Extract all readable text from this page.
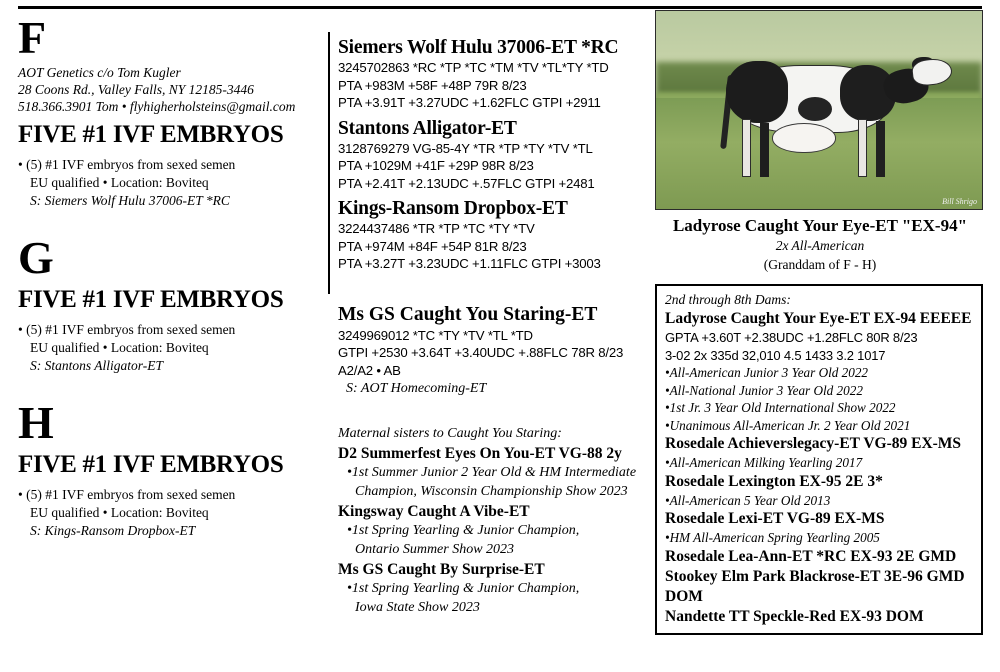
F
AOT Genetics c/o Tom Kugler
28 Coons Rd., Valley Falls, NY 12185-3446
518.366.3901 Tom • flyhigherholsteins@gmail.com
FIVE #1 IVF EMBRYOS
• (5) #1 IVF embryos from sexed semen
EU qualified • Location: Boviteq
S: Siemers Wolf Hulu 37006-ET *RC
G
FIVE #1 IVF EMBRYOS
• (5) #1 IVF embryos from sexed semen
EU qualified • Location: Boviteq
S: Stantons Alligator-ET
H
FIVE #1 IVF EMBRYOS
• (5) #1 IVF embryos from sexed semen
EU qualified • Location: Boviteq
S: Kings-Ransom Dropbox-ET
Siemers Wolf Hulu 37006-ET *RC
3245702863 *RC *TP *TC *TM *TV *TL*TY *TD
PTA +983M +58F +48P 79R 8/23
PTA +3.91T +3.27UDC +1.62FLC GTPI +2911
Stantons Alligator-ET
3128769279 VG-85-4Y *TR *TP *TY *TV *TL
PTA +1029M +41F +29P 98R 8/23
PTA +2.41T +2.13UDC +.57FLC GTPI +2481
Kings-Ransom Dropbox-ET
3224437486 *TR *TP *TC *TY *TV
PTA +974M +84F +54P 81R 8/23
PTA +3.27T +3.23UDC +1.11FLC GTPI +3003
Ms GS Caught You Staring-ET
3249969012 *TC *TY *TV *TL *TD
GTPI +2530 +3.64T +3.40UDC +.88FLC 78R 8/23
A2/A2 • AB
S: AOT Homecoming-ET
Maternal sisters to Caught You Staring:
D2 Summerfest Eyes On You-ET VG-88 2y
•1st Summer Junior 2 Year Old & HM Intermediate
Champion, Wisconsin Championship Show 2023
Kingsway Caught A Vibe-ET
•1st Spring Yearling & Junior Champion,
Ontario Summer Show 2023
Ms GS Caught By Surprise-ET
•1st Spring Yearling & Junior Champion,
Iowa State Show 2023
Bill Shrigo
Ladyrose Caught Your Eye-ET "EX-94"
2x All-American
(Granddam of F - H)
2nd through 8th Dams:
Ladyrose Caught Your Eye-ET EX-94 EEEEE
GPTA +3.60T +2.38UDC +1.28FLC 80R 8/23
3-02 2x 335d 32,010 4.5 1433 3.2 1017
•All-American Junior 3 Year Old 2022
•All-National Junior 3 Year Old 2022
•1st Jr. 3 Year Old International Show 2022
•Unanimous All-American Jr. 2 Year Old 2021
Rosedale Achieverslegacy-ET VG-89 EX-MS
•All-American Milking Yearling 2017
Rosedale Lexington EX-95 2E 3*
•All-American 5 Year Old 2013
Rosedale Lexi-ET VG-89 EX-MS
•HM All-American Spring Yearling 2005
Rosedale Lea-Ann-ET *RC EX-93 2E GMD
Stookey Elm Park Blackrose-ET 3E-96 GMD DOM
Nandette TT Speckle-Red EX-93 DOM
